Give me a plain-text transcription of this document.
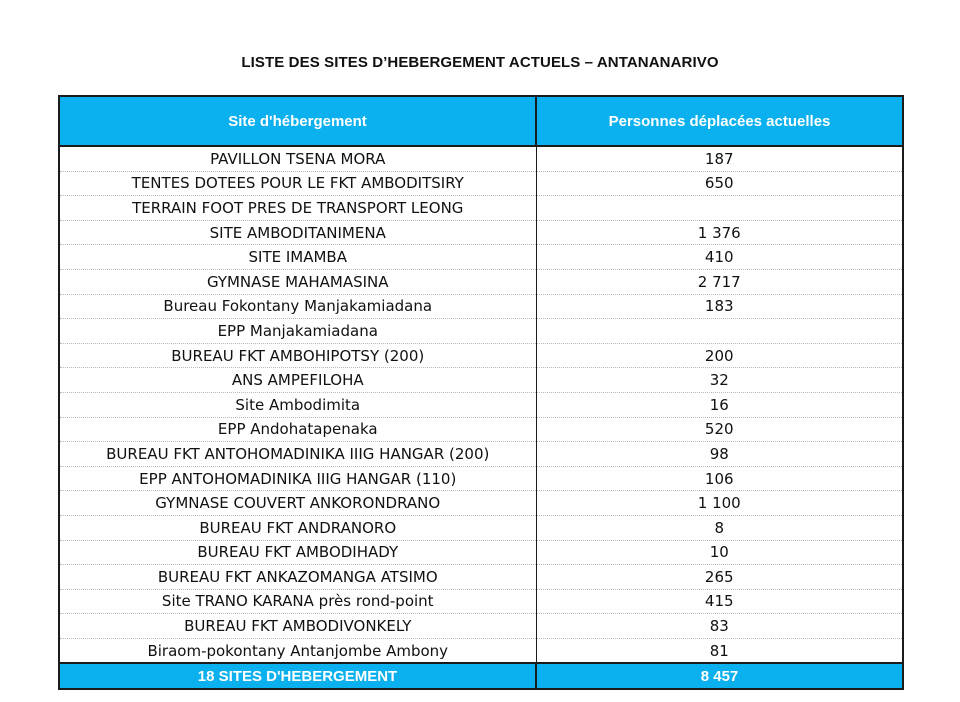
LISTE DES SITES D’HEBERGEMENT ACTUELS – ANTANANARIVO
Site d'hébergement	Personnes déplacées actuelles
PAVILLON TSENA MORA	187
TENTES DOTEES POUR LE FKT AMBODITSIRY	650
TERRAIN FOOT PRES DE TRANSPORT LEONG	
SITE AMBODITANIMENA	1 376
SITE IMAMBA	410
GYMNASE MAHAMASINA	2 717
Bureau Fokontany Manjakamiadana	183
EPP Manjakamiadana	
BUREAU FKT AMBOHIPOTSY (200)	200
ANS AMPEFILOHA	32
Site Ambodimita	16
EPP Andohatapenaka	520
BUREAU FKT ANTOHOMADINIKA IIIG HANGAR (200)	98
EPP ANTOHOMADINIKA IIIG HANGAR (110)	106
GYMNASE COUVERT ANKORONDRANO	1 100
BUREAU FKT ANDRANORO	8
BUREAU FKT AMBODIHADY	10
BUREAU FKT ANKAZOMANGA ATSIMO	265
Site TRANO KARANA près rond-point	415
BUREAU FKT AMBODIVONKELY	83
Biraom-pokontany Antanjombe Ambony	81
18 SITES D'HEBERGEMENT	8 457
